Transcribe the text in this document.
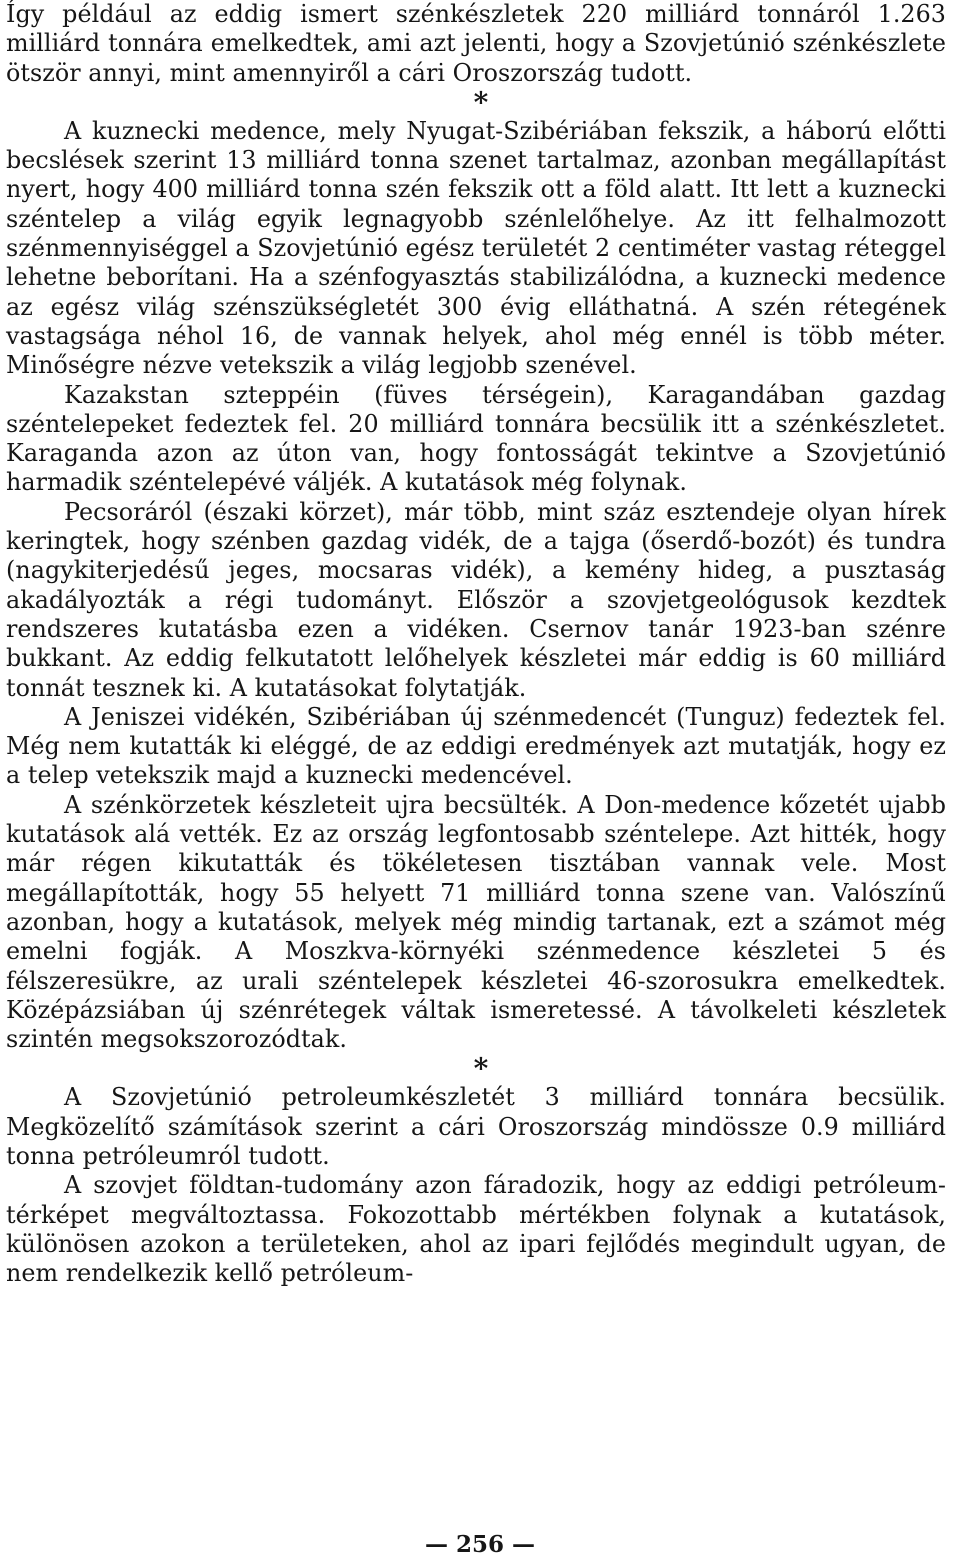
Így például az eddig ismert szénkészletek 220 milliárd tonnáról 1.263 milliárd tonnára emelkedtek, ami azt jelenti, hogy a Szovjetúnió szénkészlete ötször annyi, mint amennyiről a cári Oroszország tudott.

*

A kuznecki medence, mely Nyugat-Szibériában fekszik, a háború előtti becslések szerint 13 milliárd tonna szenet tartalmaz, azonban megállapítást nyert, hogy 400 milliárd tonna szén fekszik ott a föld alatt. Itt lett a kuznecki széntelep a világ egyik legnagyobb szénlelőhelye. Az itt felhalmozott szénmennyiséggel a Szovjetúnió egész területét 2 centiméter vastag réteggel lehetne beborítani. Ha a szénfogyasztás stabilizálódna, a kuznecki medence az egész világ szénszükségletét 300 évig elláthatná. A szén rétegének vastagsága néhol 16, de vannak helyek, ahol még ennél is több méter. Minőségre nézve vetekszik a világ legjobb szenével.

Kazakstan szteppéin (füves térségein), Karagandában gazdag széntelepeket fedeztek fel. 20 milliárd tonnára becsülik itt a szénkészletet. Karaganda azon az úton van, hogy fontosságát tekintve a Szovjetúnió harmadik széntelepévé váljék. A kutatások még folynak.

Pecsoráról (északi körzet), már több, mint száz esztendeje olyan hírek keringtek, hogy szénben gazdag vidék, de a tajga (őserdő-bozót) és tundra (nagykiterjedésű jeges, mocsaras vidék), a kemény hideg, a pusztaság akadályozták a régi tudományt. Először a szovjetgeológusok kezdtek rendszeres kutatásba ezen a vidéken. Csernov tanár 1923-ban szénre bukkant. Az eddig felkutatott lelőhelyek készletei már eddig is 60 milliárd tonnát tesznek ki. A kutatásokat folytatják.

A Jeniszei vidékén, Szibériában új szénmedencét (Tunguz) fedeztek fel. Még nem kutatták ki eléggé, de az eddigi eredmények azt mutatják, hogy ez a telep vetekszik majd a kuznecki medencével.

A szénkörzetek készleteit ujra becsülték. A Don-medence kőzetét ujabb kutatások alá vették. Ez az ország legfontosabb széntelepe. Azt hitték, hogy már régen kikutatták és tökéletesen tisztában vannak vele. Most megállapították, hogy 55 helyett 71 milliárd tonna szene van. Valószínű azonban, hogy a kutatások, melyek még mindig tartanak, ezt a számot még emelni fogják. A Moszkva-környéki szénmedence készletei 5 és félszeresükre, az urali széntelepek készletei 46-szorosukra emelkedtek. Középázsiában új szénrétegek váltak ismeretessé. A távolkeleti készletek szintén megsokszorozódtak.

*

A Szovjetúnió petroleumkészletét 3 milliárd tonnára becsülik. Megközelítő számítások szerint a cári Oroszország mindössze 0.9 milliárd tonna petróleumról tudott.

A szovjet földtan-tudomány azon fáradozik, hogy az eddigi petróleum-térképet megváltoztassa. Fokozottabb mértékben folynak a kutatások, különösen azokon a területeken, ahol az ipari fejlődés megindult ugyan, de nem rendelkezik kellő petróleum-

— 256 —
